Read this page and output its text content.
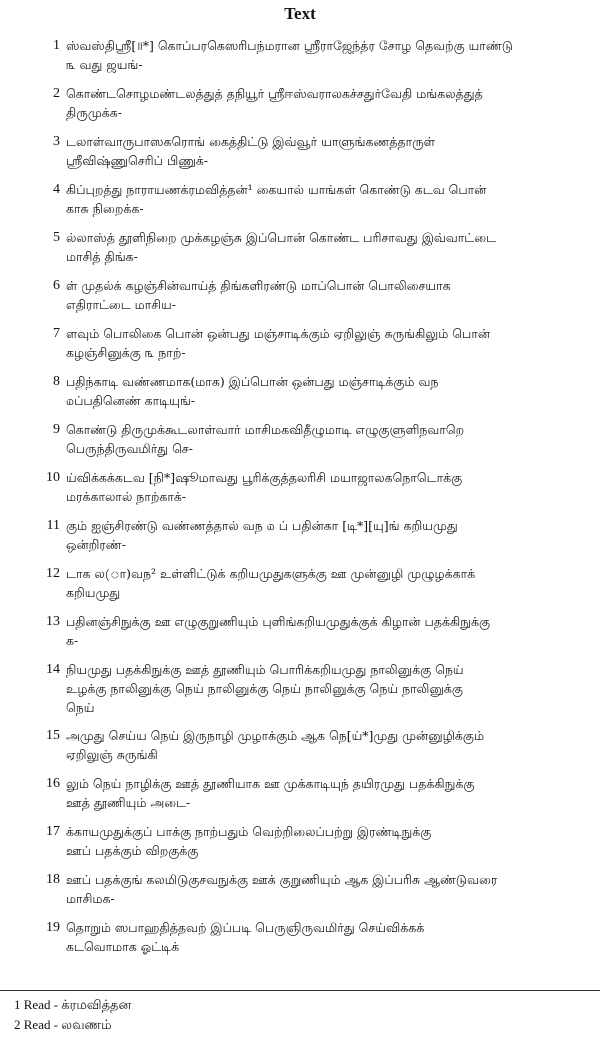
Text
1 ஸ்வஸ்திஸ்ரீ[॥*] கொப்பரகெஸரிபந்மரான ஸ்ரீராஜேந்த்ர சோழ தெவற்கு யாண்டு
௩ வது ஜயங்-
2 கொண்டசொழமண்டலத்துத் தநியூர் ஸ்ரீஈஸ்வராலகச்சதுர்வேதி மங்கலத்துத்
திருமுக்க-
3 டலாள்வாருபாஸகரொங் கைத்திட்டு இவ்வூர் யாளுங்கணத்தாருள்
ஸ்ரீவிஷ்ணுசெரிப் பிணுக்-
4 கிப்புறத்து நாராயணக்ரமவித்தன்¹ கையால் யாங்கள் கொண்டு கடவ பொன்
காசு நிறைக்க-
5 ல்லாஸ்த் தூளிநிறை முக்கழஞ்சு இப்பொன் கொண்ட பரிசாவது இவ்வாட்டை
மாசித் திங்க-
6 ள் முதல்க் கழஞ்சின்வாய்த் திங்களிரண்டு மாப்பொன் பொலிசையாக
எதிராட்டை மாசிய-
7 ளவும் பொலிகை பொன் ஒன்பது மஞ்சாடிக்கும் ஏறிலுஞ் சுருங்கிலும் பொன்
கழஞ்சினுக்கு ௩ நாற்-
8 பதிந்காடி வண்ணமாக(மாக) இப்பொன் ஒன்பது மஞ்சாடிக்கும் வந
௰ப்பதினெண் காடியுங்-
9 கொண்டு திருமுக்கூடலாள்வார் மாசிமகவிதீழுமாடி எழுகுளுளிநவாறெ
பெருந்திருவமிர்து செ-
10 ய்விக்கக்கடவ [நி*]ஷூமாவது பூரிக்குத்தலரிசி மயாஜாலகநொடொக்கு
மரக்காலால் நாற்காக்-
11 கும் ஐஞ்சிரண்டு வண்ணத்தால் வந ௰ ப் பதின்கா [டி*][யு]ங் கறியமுது
ஒன்றிரண்-
12 டாக ல(ா)வந² உள்ளிட்டுக் கறியமுதுகளுக்கு ஊ முன்னுழி முழுழக்காக்
கறியமுது
13 பதினஞ்சிநுக்கு ஊ எழுகுறுணியும் புளிங்கறியமுதுக்குக் கிழான் பதக்கிநுக்கு
க-
14 நியமுது பதக்கிநுக்கு ஊத் தூணியும் பொரிக்கறியமுது நாலினுக்கு நெய்
உழக்கு நாலினுக்கு நெய் நாலினுக்கு நெய் நாலினுக்கு நெய் நாலினுக்கு
நெய்
15 அமுது செய்ய நெய் இருநாழி முழாக்கும் ஆக நெ[ய்*]முது முன்னுழிக்கும்
ஏறிலுஞ் சுருங்கி
16 லும் நெய் நாழிக்கு ஊத் தூணியாக ஊ முக்காடியுந் தயிரமுது பதக்கிநுக்கு
ஊத் தூணியும் அடை-
17 க்காயமுதுக்குப் பாக்கு நாற்பதும் வெற்றிலைப்பற்று இரண்டிநுக்கு
ஊப் பதக்கும் விறகுக்கு
18 ஊப் பதக்குங் கலமிடுகுசவநுக்கு ஊக் குறுணியும் ஆக இப்பரிசு ஆண்டுவரை
மாசிமக-
19 தொறும் ஸபாஹதித்தவற் இப்படி பெருஞிருவமிர்து செய்விக்கக்
கடவொமாக ஓட்டிக்
1 Read - க்ரமவித்தன
2 Read - லவணம்
